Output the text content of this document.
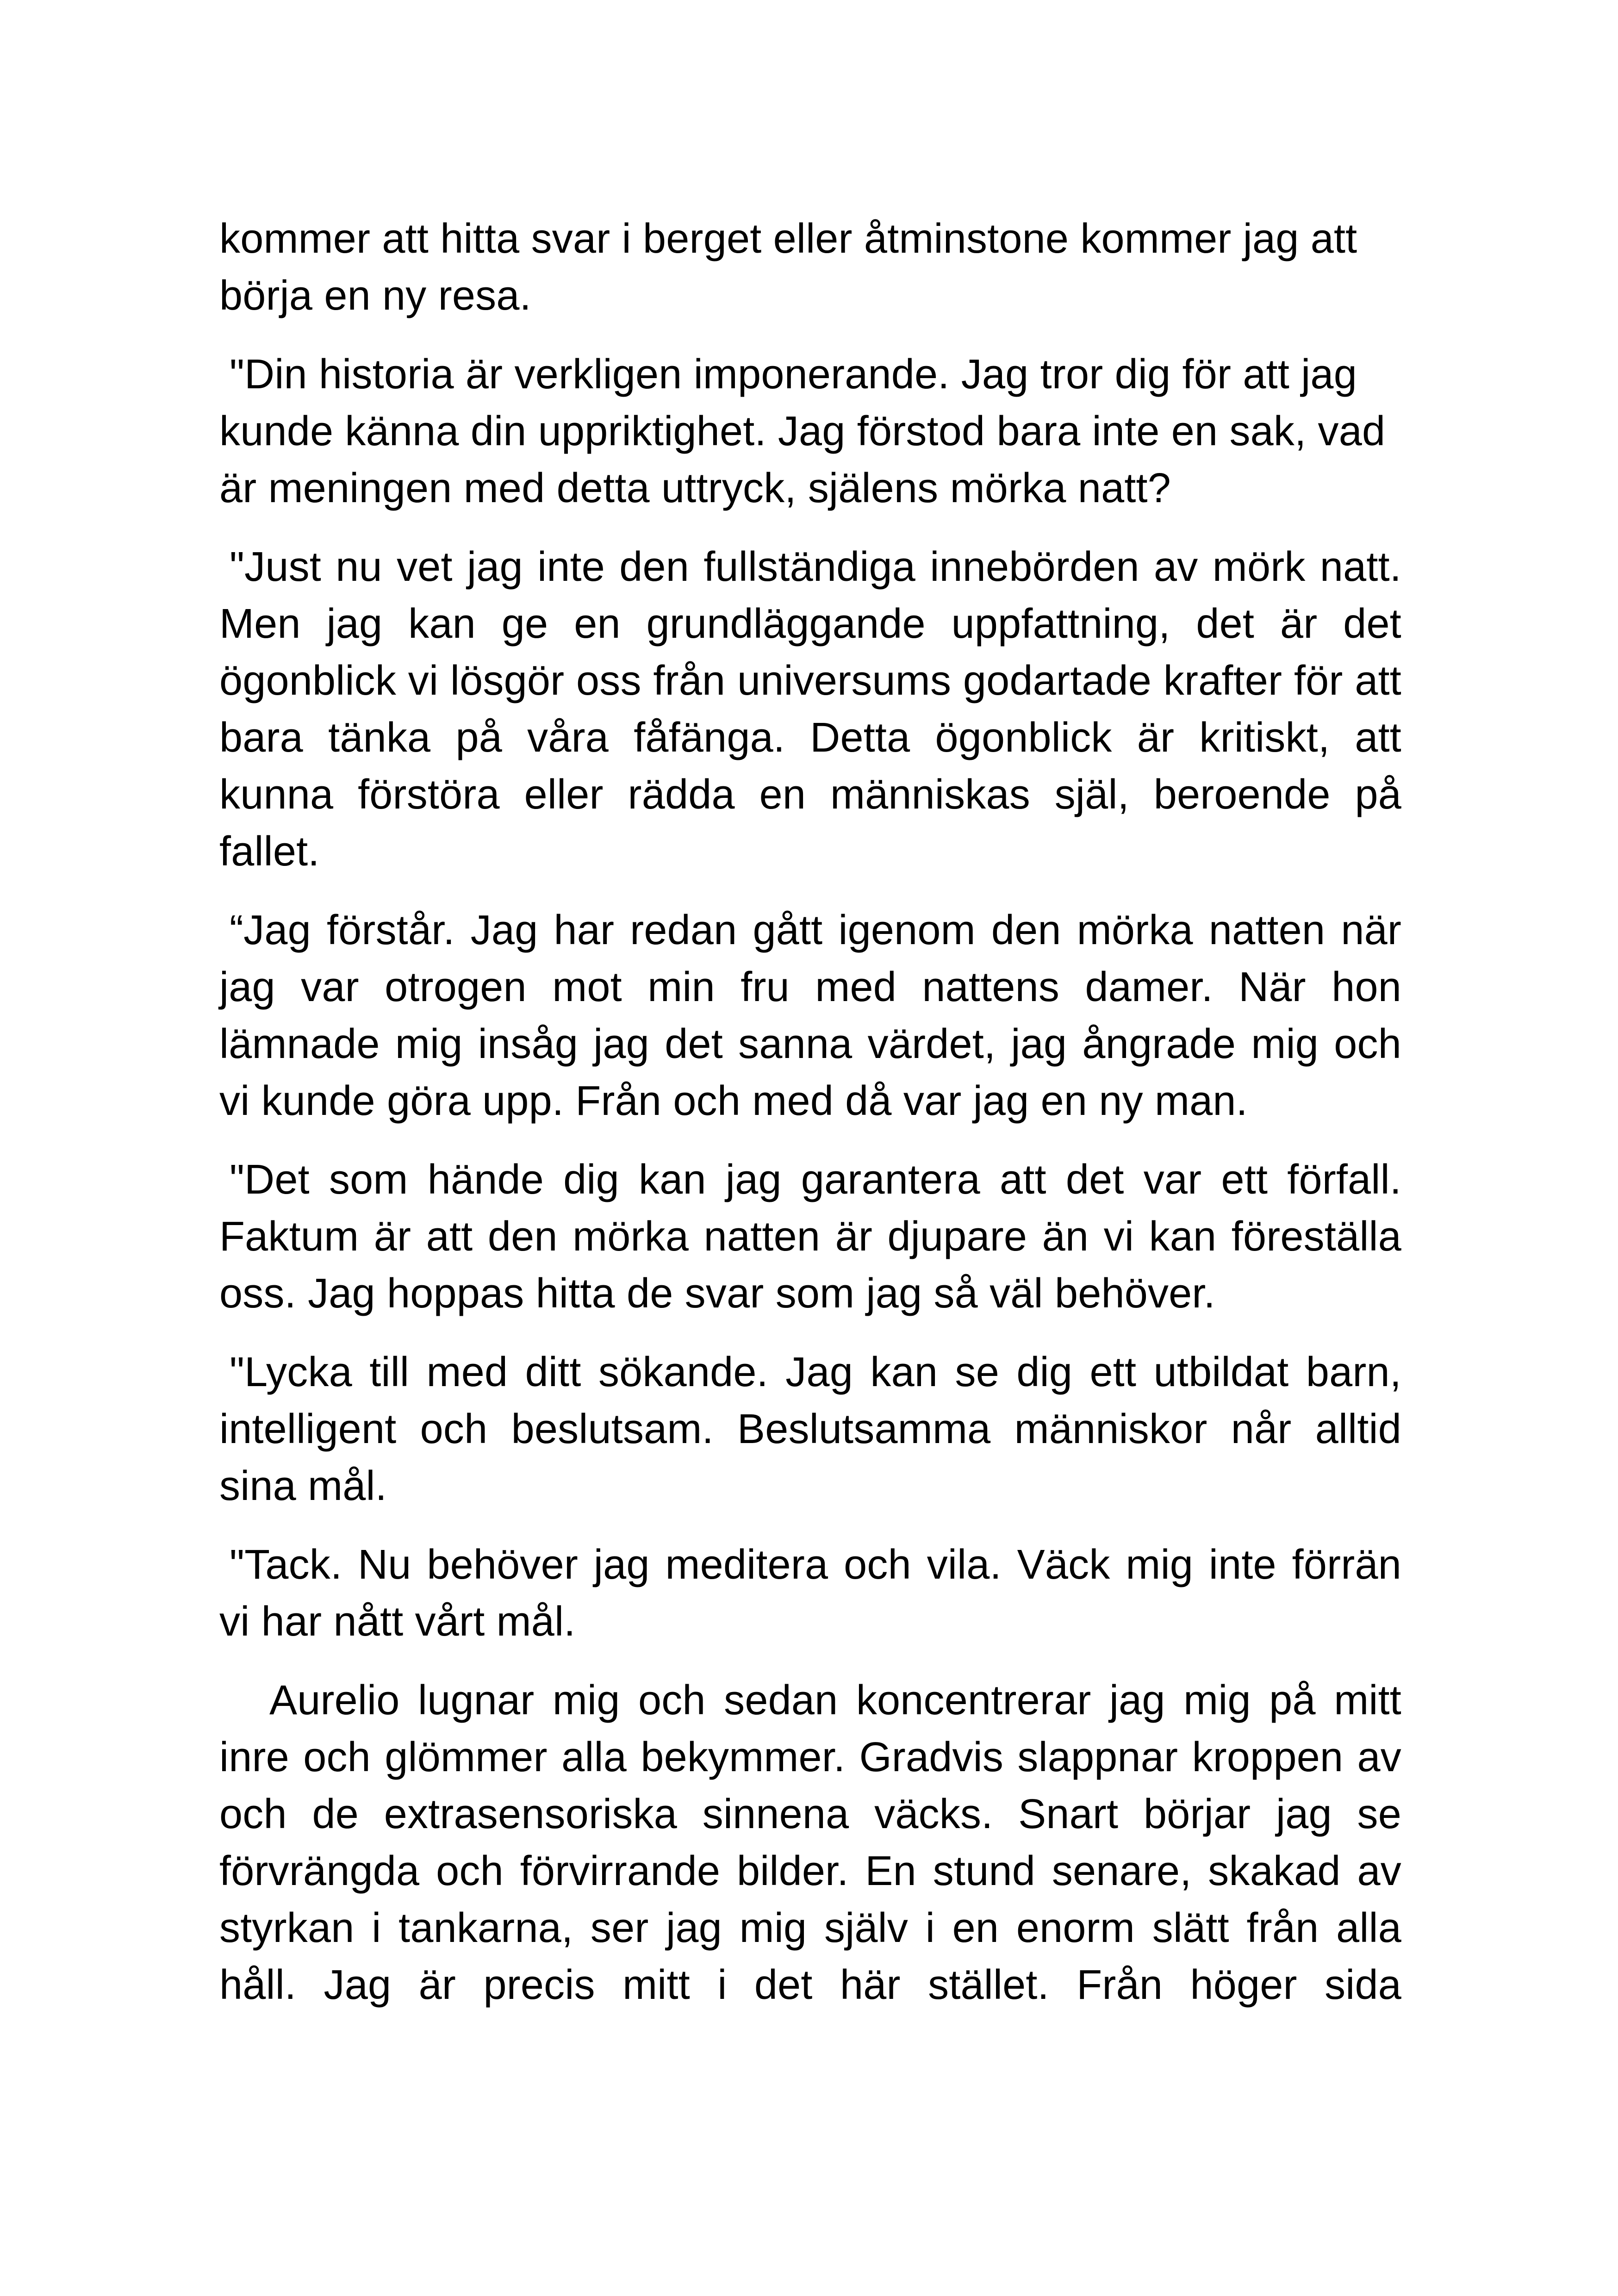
kommer att hitta svar i berget eller åtminstone kommer jag att börja en ny resa.

"Din historia är verkligen imponerande. Jag tror dig för att jag kunde känna din uppriktighet. Jag förstod bara inte en sak, vad är meningen med detta uttryck, själens mörka natt?

"Just nu vet jag inte den fullständiga innebörden av mörk natt. Men jag kan ge en grundläggande uppfattning, det är det ögonblick vi lösgör oss från universums godartade krafter för att bara tänka på våra fåfänga. Detta ögonblick är kritiskt, att kunna förstöra eller rädda en människas själ, beroende på fallet.

“Jag förstår. Jag har redan gått igenom den mörka natten när jag var otrogen mot min fru med nattens damer. När hon lämnade mig insåg jag det sanna värdet, jag ångrade mig och vi kunde göra upp. Från och med då var jag en ny man.

"Det som hände dig kan jag garantera att det var ett förfall. Faktum är att den mörka natten är djupare än vi kan föreställa oss. Jag hoppas hitta de svar som jag så väl behöver.

"Lycka till med ditt sökande. Jag kan se dig ett utbildat barn, intelligent och beslutsam. Beslutsamma människor når alltid sina mål.

"Tack. Nu behöver jag meditera och vila. Väck mig inte förrän vi har nått vårt mål.

Aurelio lugnar mig och sedan koncentrerar jag mig på mitt inre och glömmer alla bekymmer. Gradvis slappnar kroppen av och de extrasensoriska sinnena väcks. Snart börjar jag se förvrängda och förvirrande bilder. En stund senare, skakad av styrkan i tankarna, ser jag mig själv i en enorm slätt från alla håll. Jag är precis mitt i det här stället. Från höger sida
